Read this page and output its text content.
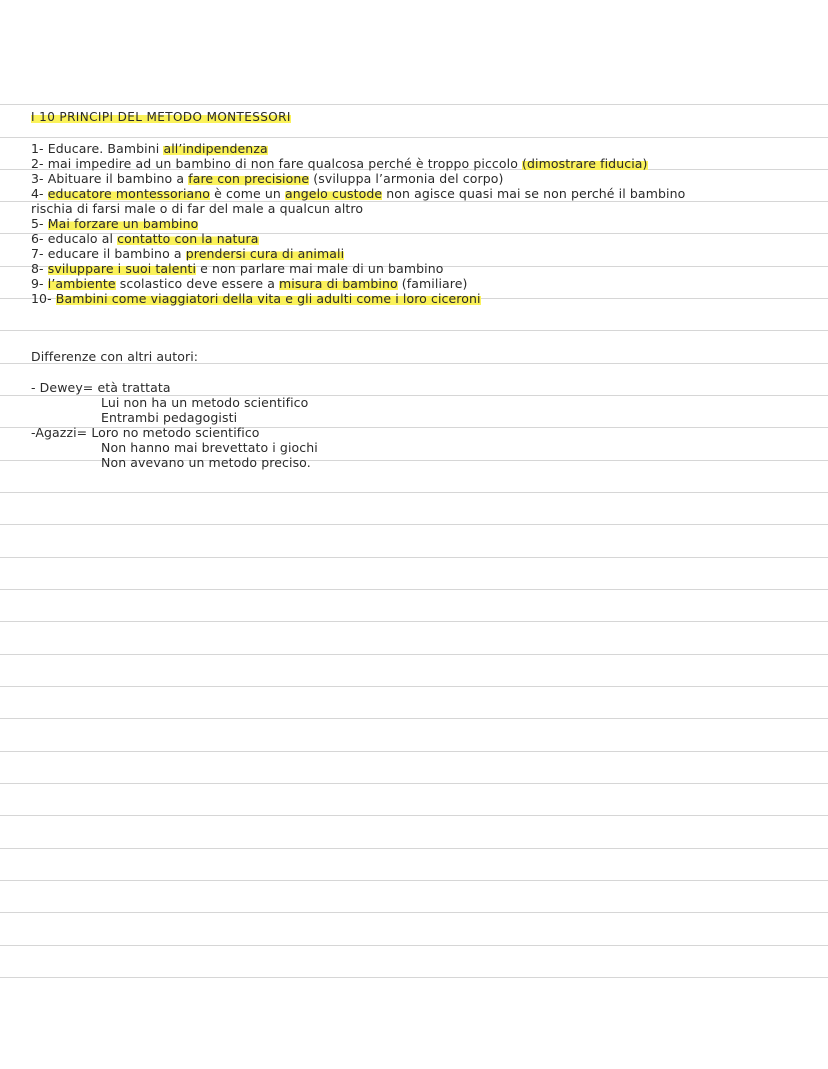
I 10 PRINCIPI DEL METODO MONTESSORI
1- Educare. Bambini all’indipendenza
2- mai impedire ad un bambino di non fare qualcosa perché è troppo piccolo (dimostrare fiducia)
3- Abituare il bambino a fare con precisione (sviluppa l’armonia del corpo)
4- educatore montessoriano è come un angelo custode non agisce quasi mai se non perché il bambino
rischia di farsi male o di far del male a qualcun altro
5- Mai forzare un bambino
6- educalo al contatto con la natura
7- educare il bambino a prendersi cura di animali
8- sviluppare i suoi talenti e non parlare mai male di un bambino
9- l’ambiente scolastico deve essere a misura di bambino (familiare)
10- Bambini come viaggiatori della vita e gli adulti come i loro ciceroni
Differenze con altri autori:
- Dewey= età trattata
Lui non ha un metodo scientifico
Entrambi pedagogisti
-Agazzi= Loro no metodo scientifico
Non hanno mai brevettato i giochi
Non avevano un metodo preciso.
